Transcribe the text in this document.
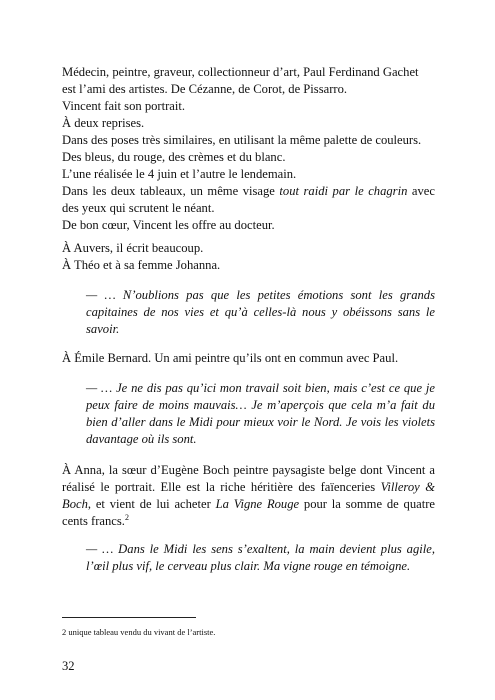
Médecin, peintre, graveur, collectionneur d’art, Paul Ferdinand Gachet

est l’ami des artistes. De Cézanne, de Corot, de Pissarro.

Vincent fait son portrait.

À deux reprises.

Dans des poses très similaires, en utilisant la même palette de couleurs.

Des bleus, du rouge, des crèmes et du blanc.

L’une réalisée le 4 juin et l’autre le lendemain.

Dans les deux tableaux, un même visage tout raidi par le chagrin avec des yeux qui scrutent le néant.

De bon cœur, Vincent les offre au docteur.

À Auvers, il écrit beaucoup.

À Théo et à sa femme Johanna.

— … N’oublions pas que les petites émotions sont les grands capitaines de nos vies et qu’à celles-là nous y obéissons sans le savoir.

À Émile Bernard. Un ami peintre qu’ils ont en commun avec Paul.

— … Je ne dis pas qu’ici mon travail soit bien, mais c’est ce que je peux faire de moins mauvais… Je m’aperçois que cela m’a fait du bien d’aller dans le Midi pour mieux voir le Nord. Je vois les violets davantage où ils sont.

À Anna, la sœur d’Eugène Boch peintre paysagiste belge dont Vincent a réalisé le portrait. Elle est la riche héritière des faïenceries Villeroy & Boch, et vient de lui acheter La Vigne Rouge pour la somme de quatre cents francs.$^2$

— … Dans le Midi les sens s’exaltent, la main devient plus agile, l’œil plus vif, le cerveau plus clair. Ma vigne rouge en témoigne.

2 unique tableau vendu du vivant de l’artiste.
32
